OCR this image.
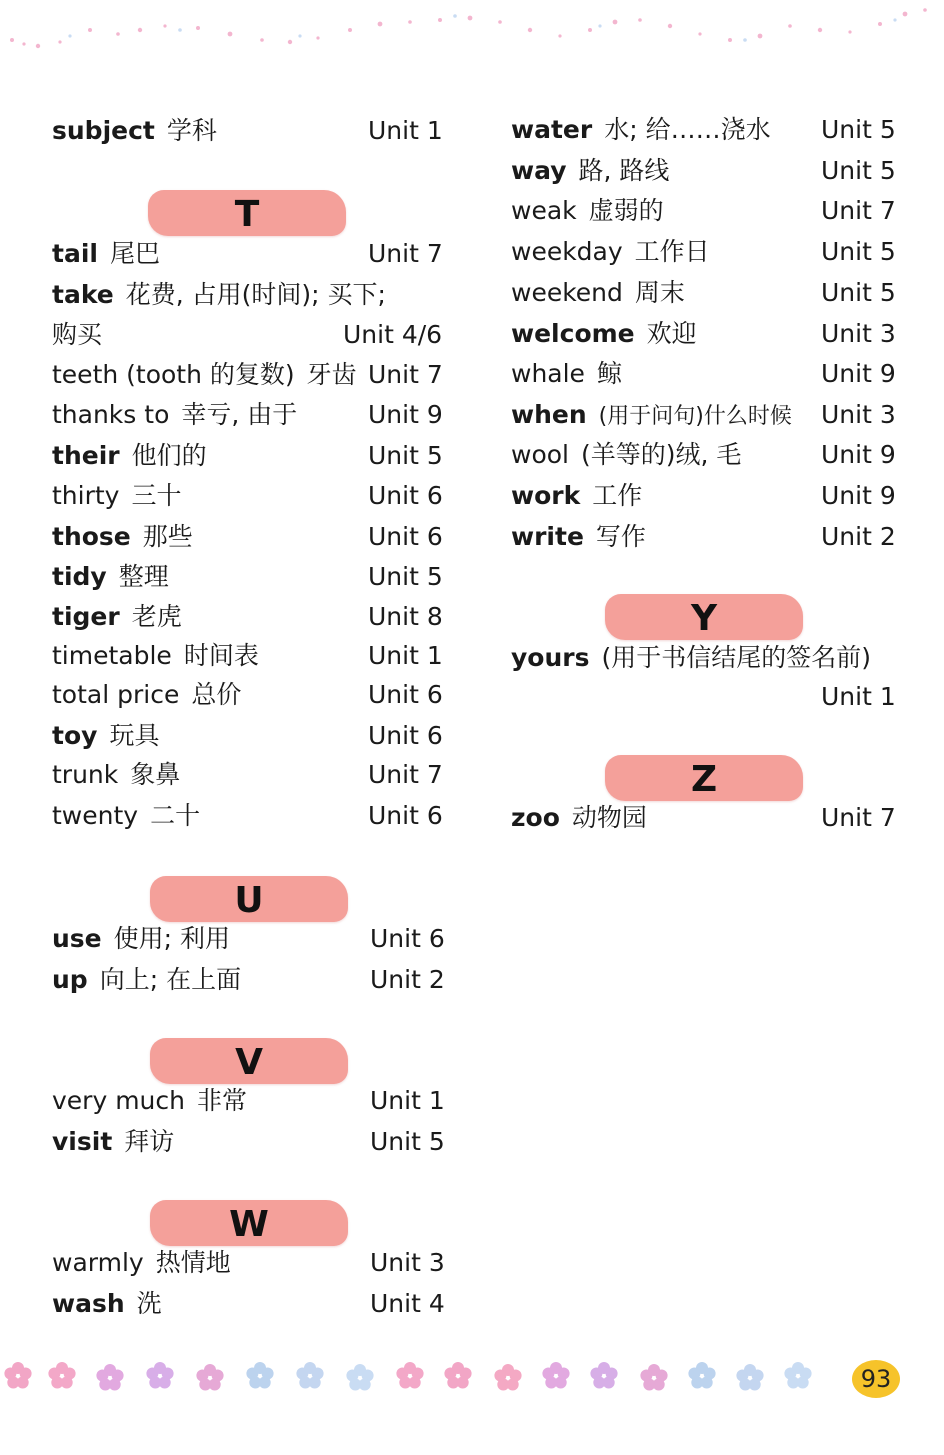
subject 学科	Unit 1
T
tail 尾巴	Unit 7
take 花费, 占用(时间); 买下;
购买	Unit 4/6
teeth (tooth 的复数) 牙齿 Unit 7
thanks to 幸亏, 由于	Unit 9
their 他们的	Unit 5
thirty 三十	Unit 6
those 那些	Unit 6
tidy 整理	Unit 5
tiger 老虎	Unit 8
timetable 时间表	Unit 1
total price 总价	Unit 6
toy 玩具	Unit 6
trunk 象鼻	Unit 7
twenty 二十	Unit 6
U
use 使用; 利用	Unit 6
up 向上; 在上面	Unit 2
V
very much 非常	Unit 1
visit 拜访	Unit 5
W
warmly 热情地	Unit 3
wash 洗	Unit 4
water 水; 给……浇水 Unit 5
way 路, 路线	Unit 5
weak 虚弱的	Unit 7
weekday 工作日	Unit 5
weekend 周末	Unit 5
welcome 欢迎	Unit 3
whale 鲸	Unit 9
when (用于问句)什么时候 Unit 3
wool (羊等的)绒, 毛	Unit 9
work 工作	Unit 9
write 写作	Unit 2
Y
yours (用于书信结尾的签名前)
Unit 1
Z
zoo 动物园	Unit 7
93
